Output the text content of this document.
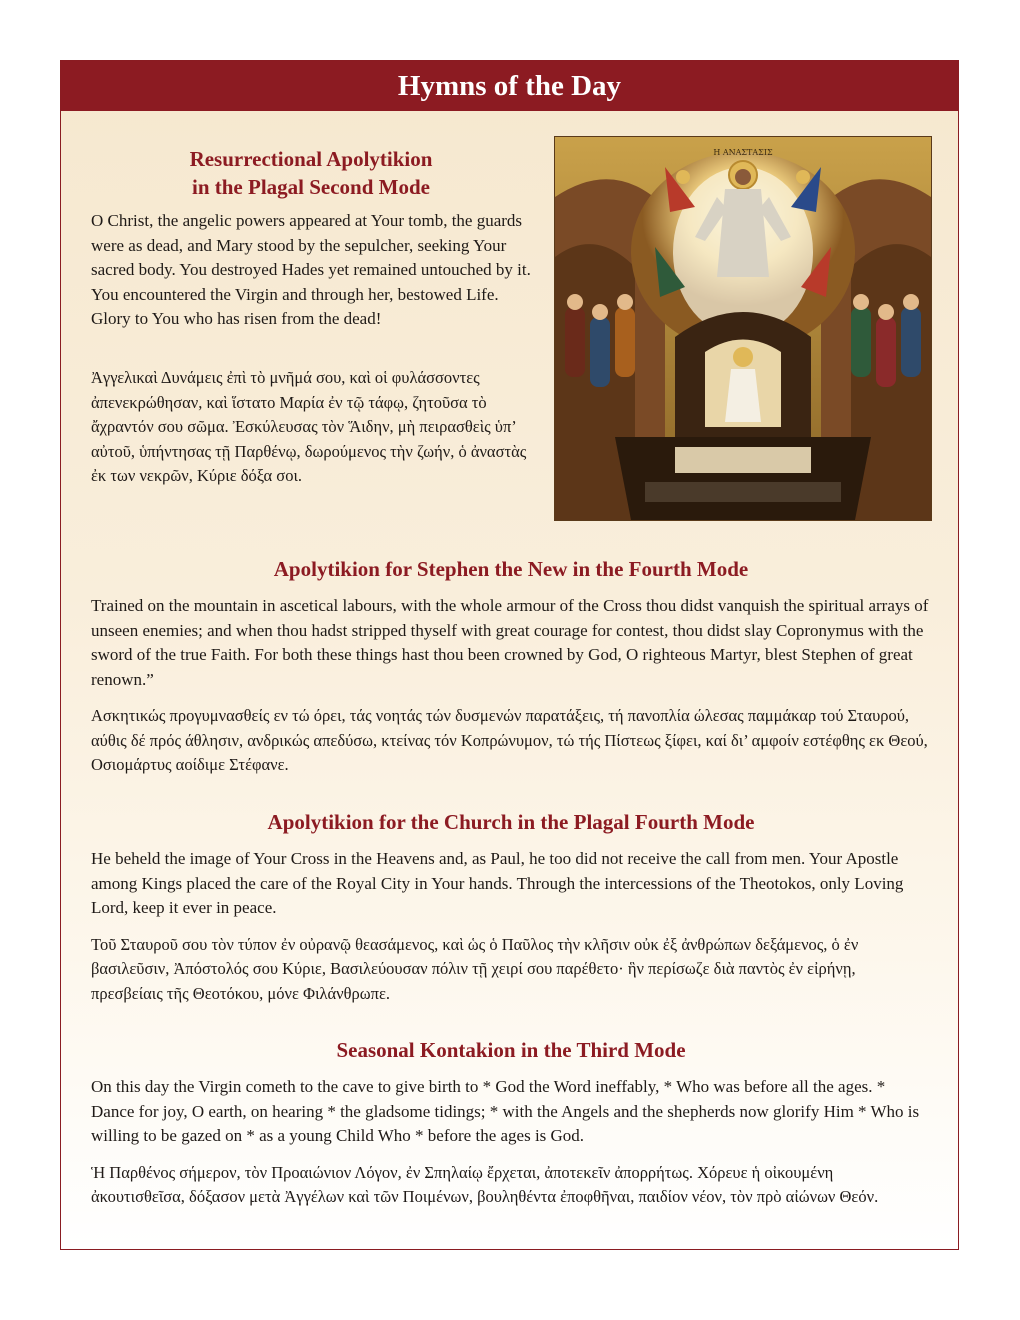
Hymns of the Day
Resurrectional Apolytikion
in the Plagal Second Mode

O Christ, the angelic powers appeared at Your tomb, the guards were as dead, and Mary stood by the sepulcher, seeking Your sacred body. You destroyed Hades yet remained untouched by it. You encountered the Virgin and through her, bestowed Life. Glory to You who has risen from the dead!

Ἀγγελικαὶ Δυνάμεις ἐπὶ τὸ μνῆμά σου, καὶ οἱ φυλάσσοντες ἀπενεκρώθησαν, καὶ ἵστατο Μαρία ἐν τῷ τάφῳ, ζητοῦσα τὸ ἄχραντόν σου σῶμα. Ἐσκύλευσας τὸν Ἅιδην, μὴ πειρασθεὶς ὑπ’ αὐτοῦ, ὑπήντησας τῇ Παρθένῳ, δωρούμενος τὴν ζωήν, ὁ ἀναστὰς ἐκ των νεκρῶν, Κύριε δόξα σοι.

Η ΑΝΑΣΤΑΣΙΣ
Apolytikion for Stephen the New in the Fourth Mode

Trained on the mountain in ascetical labours, with the whole armour of the Cross thou didst vanquish the spiritual arrays of unseen enemies; and when thou hadst stripped thyself with great courage for contest, thou didst slay Copronymus with the sword of the true Faith. For both these things hast thou been crowned by God, O righteous Martyr, blest Stephen of great renown.”

Ασκητικώς προγυμνασθείς εν τώ όρει, τάς νοητάς τών δυσμενών παρατάξεις, τή πανοπλία ώλεσας παμμάκαρ τού Σταυρού, αύθις δέ πρός άθλησιν, ανδρικώς απεδύσω, κτείνας τόν Κοπρώνυμον, τώ τής Πίστεως ξίφει, καί δι’ αμφοίν εστέφθης εκ Θεού, Οσιομάρτυς αοίδιμε Στέφανε.

Apolytikion for the Church in the Plagal Fourth Mode

He beheld the image of Your Cross in the Heavens and, as Paul, he too did not receive the call from men. Your Apostle among Kings placed the care of the Royal City in Your hands. Through the intercessions of the Theotokos, only Loving Lord, keep it ever in peace.

Τοῦ Σταυροῦ σου τὸν τύπον ἐν οὐρανῷ θεασάμενος, καὶ ὡς ὁ Παῦλος τὴν κλῆσιν οὐκ ἐξ ἀνθρώπων δεξάμενος, ὁ ἐν βασιλεῦσιν, Ἀπόστολός σου Κύριε, Βασιλεύουσαν πόλιν τῇ χειρί σου παρέθετο· ἣν περίσωζε διὰ παντὸς ἐν εἰρήνῃ, πρεσβείαις τῆς Θεοτόκου, μόνε Φιλάνθρωπε.

Seasonal Kontakion in the Third Mode

On this day the Virgin cometh to the cave to give birth to * God the Word ineffably, * Who was before all the ages. * Dance for joy, O earth, on hearing * the gladsome tidings; * with the Angels and the shepherds now glorify Him * Who is willing to be gazed on * as a young Child Who * before the ages is God.

Ἡ Παρθένος σήμερον, τὸν Προαιώνιον Λόγον, ἐν Σπηλαίῳ ἔρχεται, ἀποτεκεῖν ἀπορρήτως. Χόρευε ἡ οἰκουμένη ἀκουτισθεῖσα, δόξασον μετὰ Ἀγγέλων καὶ τῶν Ποιμένων, βουληθέντα ἐποφθῆναι, παιδίον νέον, τὸν πρὸ αἰώνων Θεόν.
